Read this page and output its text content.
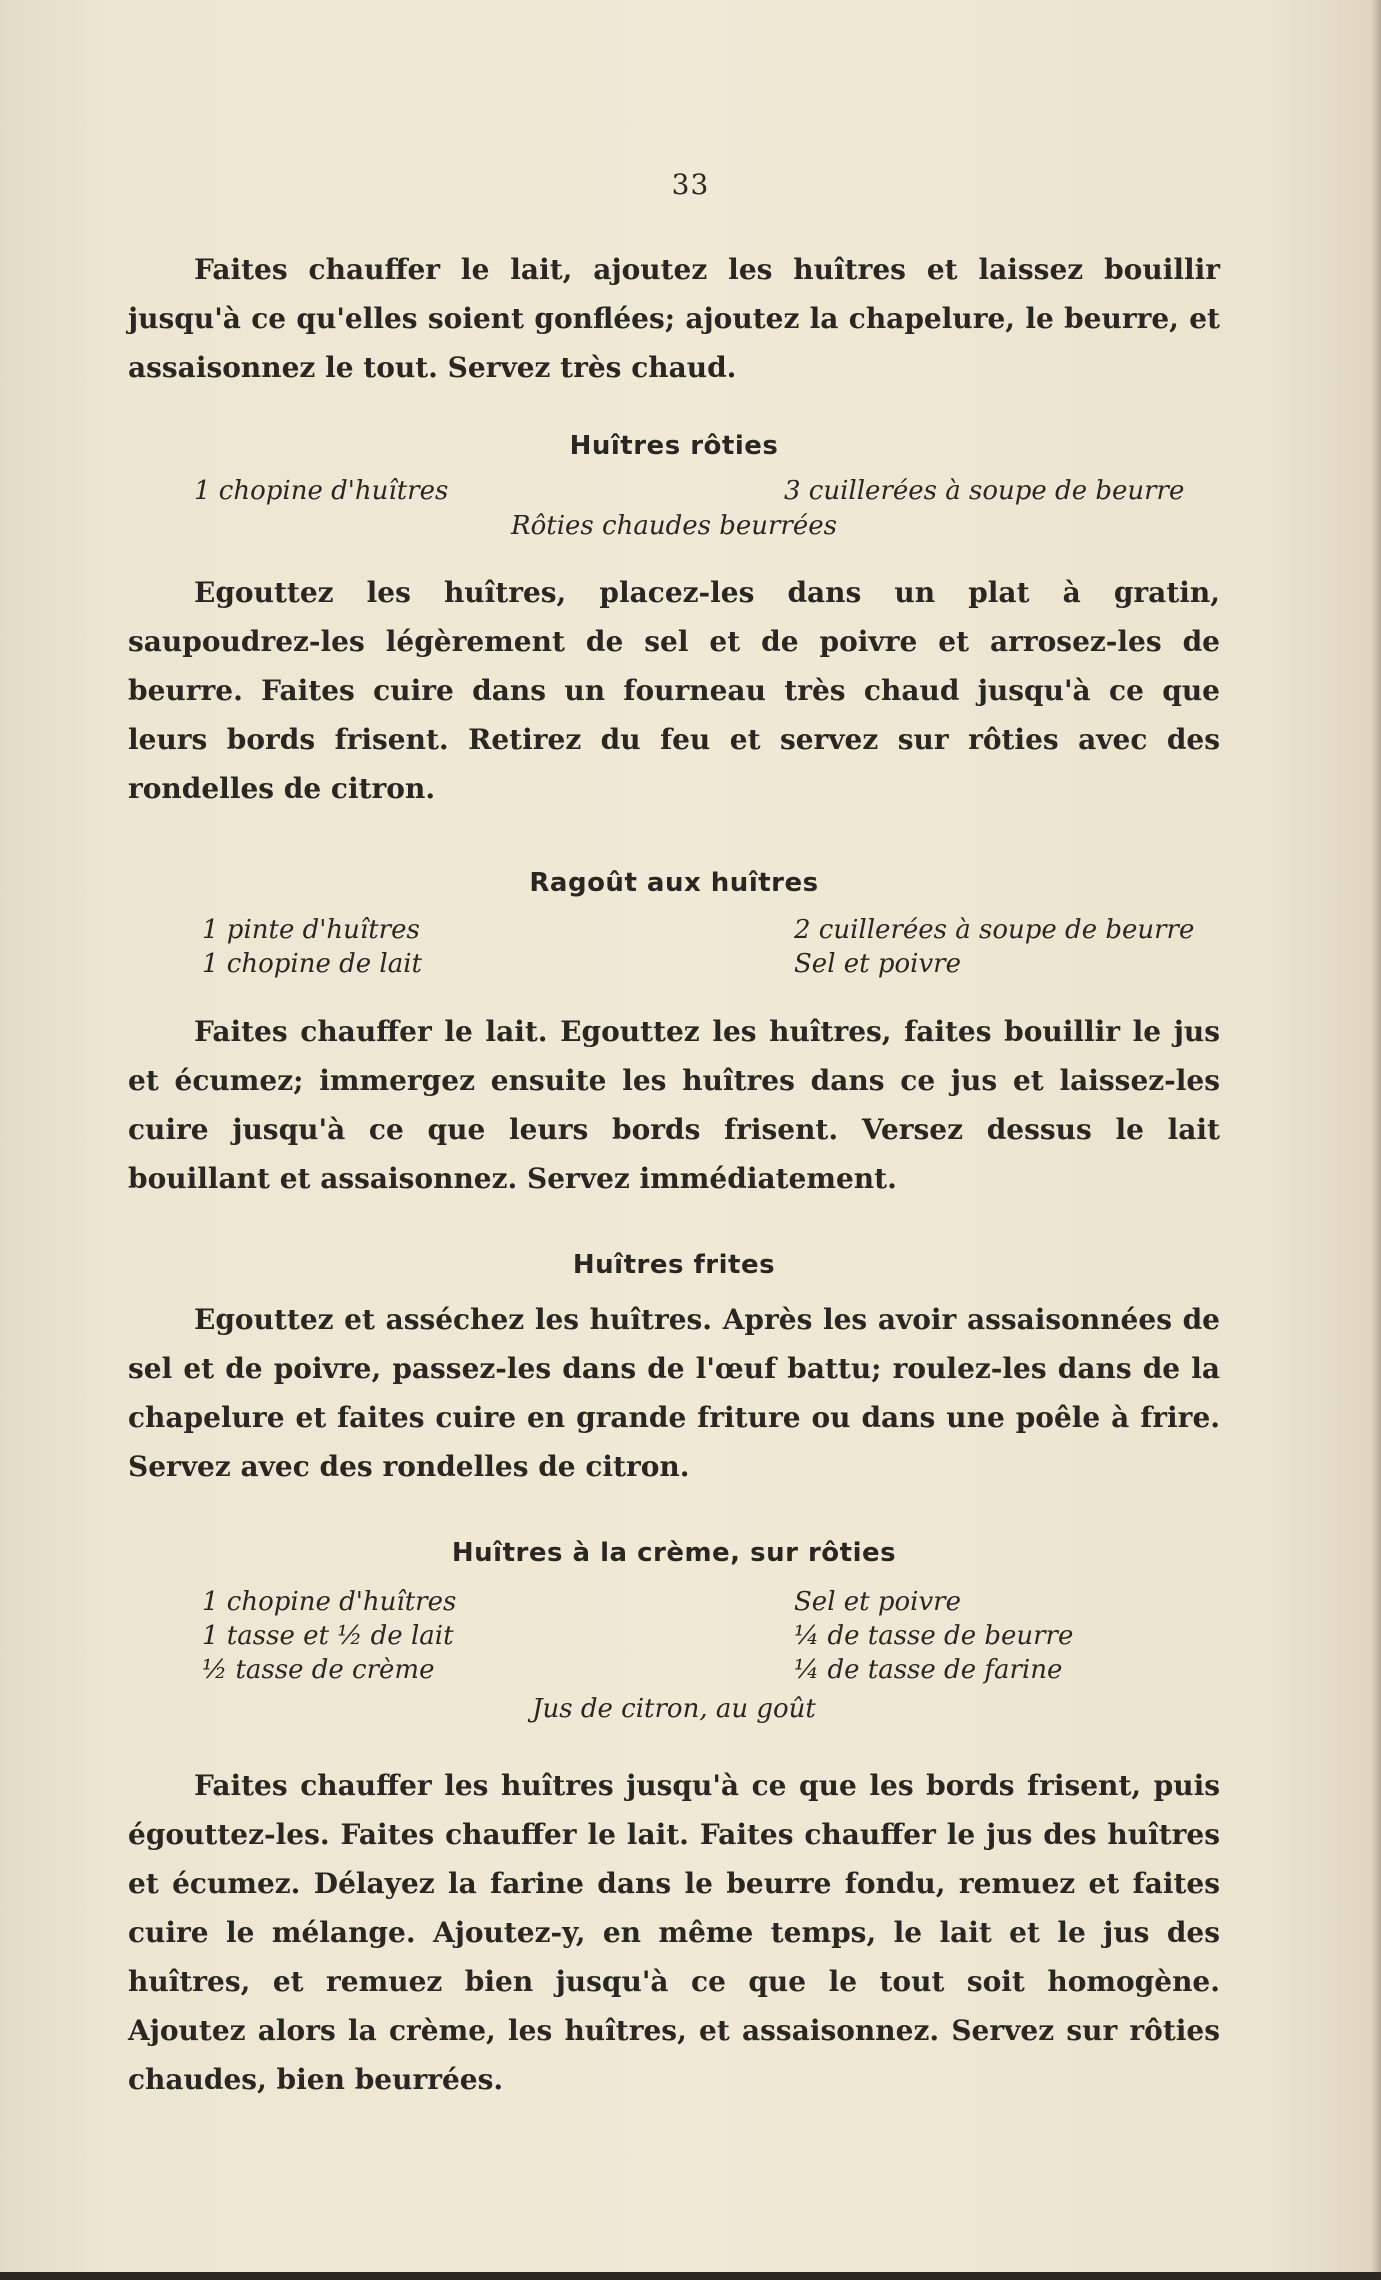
33

Faites chauffer le lait, ajoutez les huîtres et laissez bouillir jusqu'à ce qu'elles soient gonflées; ajoutez la chapelure, le beurre, et assaisonnez le tout. Servez très chaud.

Huîtres rôties
1 chopine d'huîtres	3 cuillerées à soupe de beurre
Rôties chaudes beurrées

Egouttez les huîtres, placez-les dans un plat à gratin, saupoudrez-les légèrement de sel et de poivre et arrosez-les de beurre. Faites cuire dans un fourneau très chaud jusqu'à ce que leurs bords frisent. Retirez du feu et servez sur rôties avec des rondelles de citron.

Ragoût aux huîtres
1 pinte d'huîtres
1 chopine de lait
2 cuillerées à soupe de beurre
Sel et poivre

Faites chauffer le lait. Egouttez les huîtres, faites bouillir le jus et écumez; immergez ensuite les huîtres dans ce jus et laissez-les cuire jusqu'à ce que leurs bords frisent. Versez dessus le lait bouillant et assaisonnez. Servez immédiatement.

Huîtres frites

Egouttez et asséchez les huîtres. Après les avoir assaisonnées de sel et de poivre, passez-les dans de l'œuf battu; roulez-les dans de la chapelure et faites cuire en grande friture ou dans une poêle à frire. Servez avec des rondelles de citron.

Huîtres à la crème, sur rôties
1 chopine d'huîtres
1 tasse et ½ de lait
½ tasse de crème
Sel et poivre
¼ de tasse de beurre
¼ de tasse de farine
Jus de citron, au goût

Faites chauffer les huîtres jusqu'à ce que les bords frisent, puis égouttez-les. Faites chauffer le lait. Faites chauffer le jus des huîtres et écumez. Délayez la farine dans le beurre fondu, remuez et faites cuire le mélange. Ajoutez-y, en même temps, le lait et le jus des huîtres, et remuez bien jusqu'à ce que le tout soit homogène. Ajoutez alors la crème, les huîtres, et assaisonnez. Servez sur rôties chaudes, bien beurrées.
